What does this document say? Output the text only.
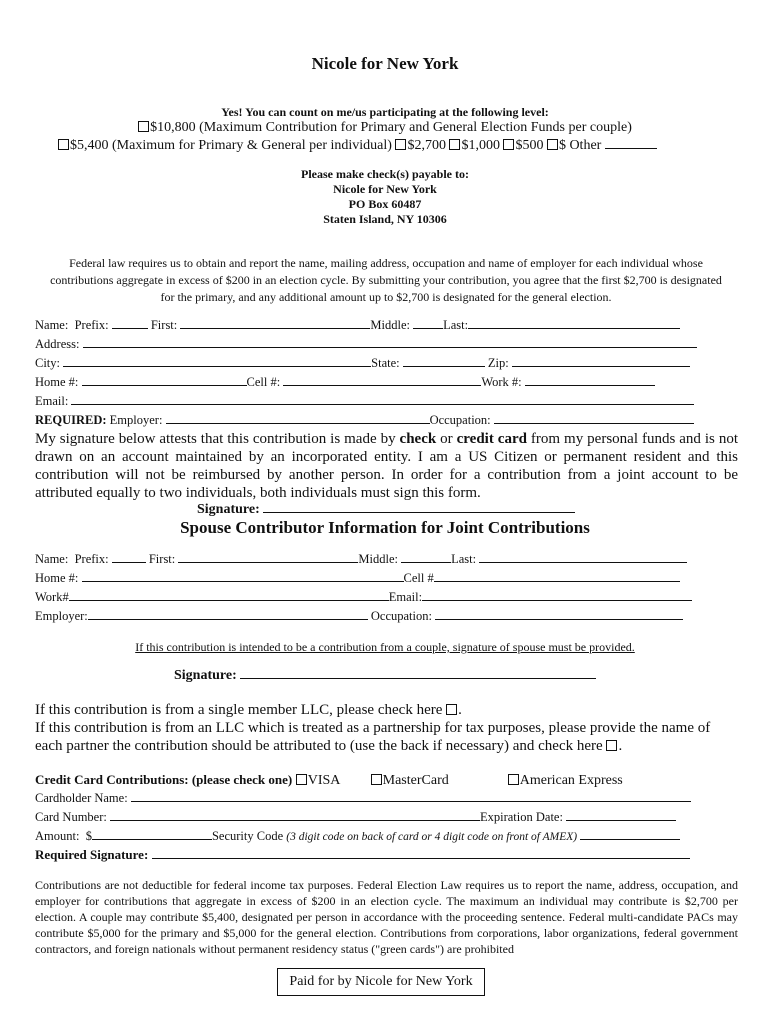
Nicole for New York
Yes! You can count on me/us participating at the following level:
$10,800 (Maximum Contribution for Primary and General Election Funds per couple)
$5,400 (Maximum for Primary & General per individual) $2,700 $1,000 $500 $ Other
Please make check(s) payable to:
Nicole for New York
PO Box 60487
Staten Island, NY 10306
Federal law requires us to obtain and report the name, mailing address, occupation and name of employer for each individual whose contributions aggregate in excess of $200 in an election cycle. By submitting your contribution, you agree that the first $2,700 is designated for the primary, and any additional amount up to $2,700 is designated for the general election.
Name: Prefix:	First:	Middle:	Last:
Address:
City:	State:	Zip:
Home #:	Cell #:	Work #:
Email:
REQUIRED: Employer:	Occupation:
My signature below attests that this contribution is made by check or credit card from my personal funds and is not drawn on an account maintained by an incorporated entity. I am a US Citizen or permanent resident and this contribution will not be reimbursed by another person. In order for a contribution from a joint account to be attributed equally to two individuals, both individuals must sign this form.
Signature:
Spouse Contributor Information for Joint Contributions
Name: Prefix:	First:	Middle:	Last:
Home #:	Cell #
Work#	Email:
Employer:	Occupation:
If this contribution is intended to be a contribution from a couple, signature of spouse must be provided.
Signature:
If this contribution is from a single member LLC, please check here .
If this contribution is from an LLC which is treated as a partnership for tax purposes, please provide the name of each partner the contribution should be attributed to (use the back if necessary) and check here .
Credit Card Contributions: (please check one) VISA	MasterCard	American Express
Cardholder Name:
Card Number:	Expiration Date:
Amount: $	Security Code (3 digit code on back of card or 4 digit code on front of AMEX)
Required Signature:
Contributions are not deductible for federal income tax purposes. Federal Election Law requires us to report the name, address, occupation, and employer for contributions that aggregate in excess of $200 in an election cycle. The maximum an individual may contribute is $2,700 per election. A couple may contribute $5,400, designated per person in accordance with the proceeding sentence. Federal multi-candidate PACs may contribute $5,000 for the primary and $5,000 for the general election. Contributions from corporations, labor organizations, federal government contractors, and foreign nationals without permanent residency status ("green cards") are prohibited
Paid for by Nicole for New York
